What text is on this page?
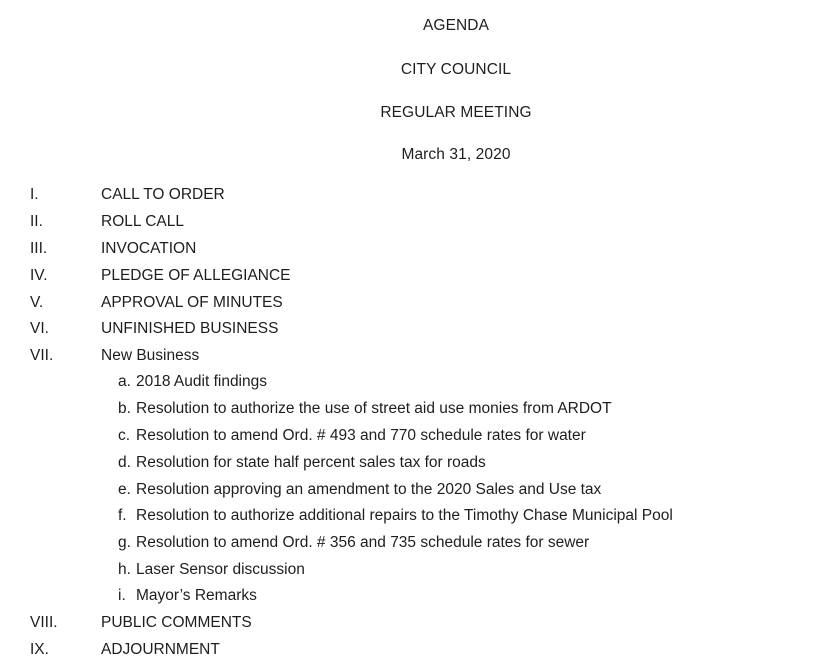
AGENDA
CITY COUNCIL
REGULAR MEETING
March 31, 2020
I.	CALL TO ORDER
II.	ROLL CALL
III.	INVOCATION
IV.	PLEDGE OF ALLEGIANCE
V.	APPROVAL OF MINUTES
VI.	UNFINISHED BUSINESS
VII.	New Business
a. 2018 Audit findings
b. Resolution to authorize the use of street aid use monies from ARDOT
c. Resolution to amend Ord. # 493 and 770 schedule rates for water
d. Resolution for state half percent sales tax for roads
e. Resolution approving an amendment to the 2020 Sales and Use tax
f. Resolution to authorize additional repairs to the Timothy Chase Municipal Pool
g. Resolution to amend Ord. # 356 and 735 schedule rates for sewer
h. Laser Sensor discussion
i. Mayor’s Remarks
VIII.	PUBLIC COMMENTS
IX.	ADJOURNMENT
